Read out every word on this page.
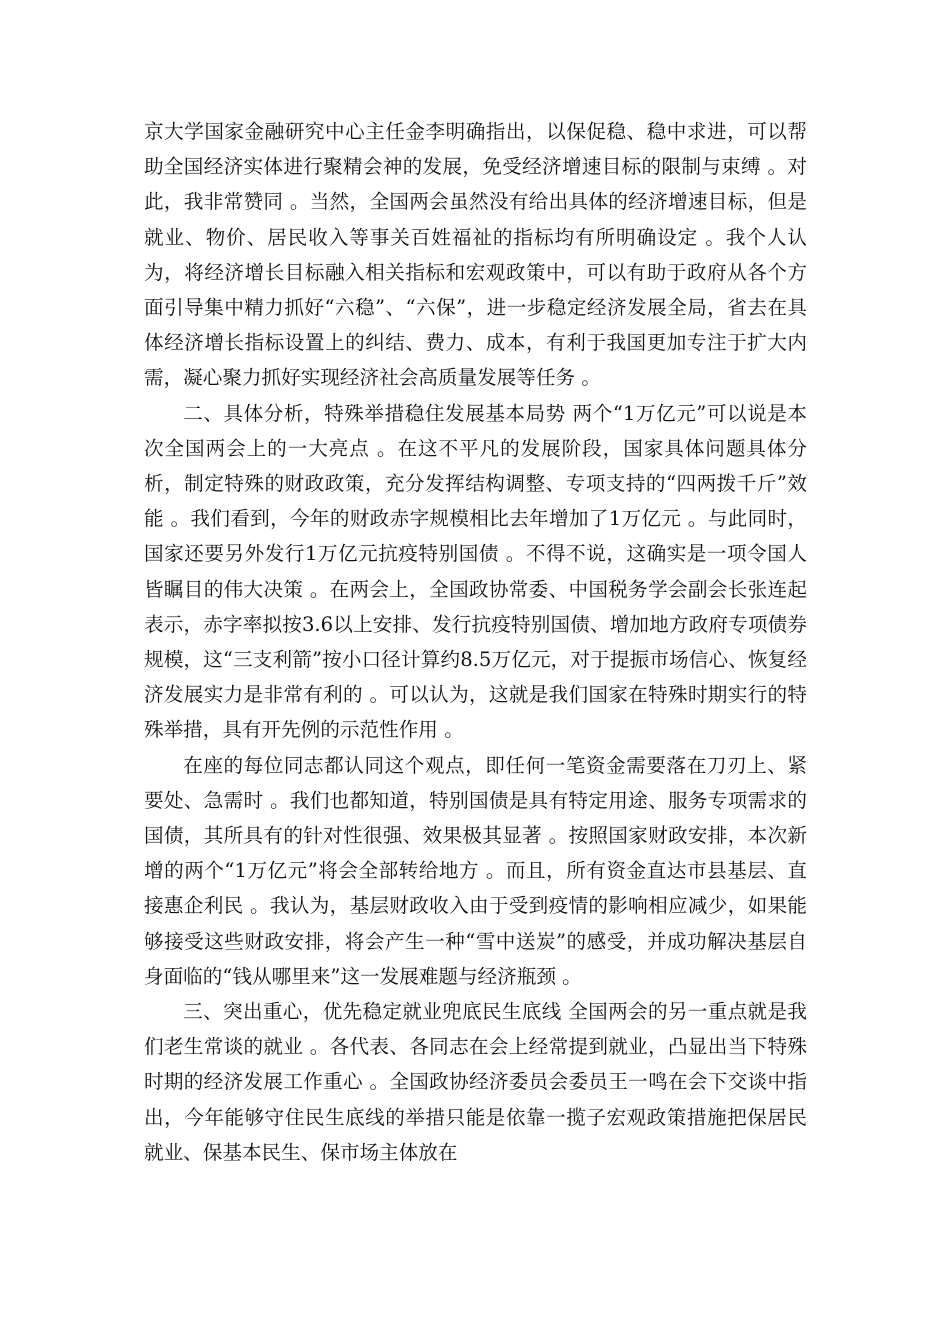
京大学国家金融研究中心主任金李明确指出，以保促稳、稳中求进，可以帮助全国经济实体进行聚精会神的发展，免受经济增速目标的限制与束缚 。对此，我非常赞同 。当然，全国两会虽然没有给出具体的经济增速目标，但是就业、物价、居民收入等事关百姓福祉的指标均有所明确设定 。我个人认为，将经济增长目标融入相关指标和宏观政策中，可以有助于政府从各个方面引导集中精力抓好“六稳”、“六保”，进一步稳定经济发展全局，省去在具体经济增长指标设置上的纠结、费力、成本，有利于我国更加专注于扩大内需，凝心聚力抓好实现经济社会高质量发展等任务 。

二、具体分析，特殊举措稳住发展基本局势 两个“1万亿元”可以说是本次全国两会上的一大亮点 。在这不平凡的发展阶段，国家具体问题具体分析，制定特殊的财政政策，充分发挥结构调整、专项支持的“四两拨千斤”效能 。我们看到，今年的财政赤字规模相比去年增加了1万亿元 。与此同时，国家还要另外发行1万亿元抗疫特别国债 。不得不说，这确实是一项令国人皆瞩目的伟大决策 。在两会上，全国政协常委、中国税务学会副会长张连起表示，赤字率拟按3.6以上安排、发行抗疫特别国债、增加地方政府专项债券规模，这“三支利箭”按小口径计算约8.5万亿元，对于提振市场信心、恢复经济发展实力是非常有利的 。可以认为，这就是我们国家在特殊时期实行的特殊举措，具有开先例的示范性作用 。

在座的每位同志都认同这个观点，即任何一笔资金需要落在刀刃上、紧要处、急需时 。我们也都知道，特别国债是具有特定用途、服务专项需求的国债，其所具有的针对性很强、效果极其显著 。按照国家财政安排，本次新增的两个“1万亿元”将会全部转给地方 。而且，所有资金直达市县基层、直接惠企利民 。我认为，基层财政收入由于受到疫情的影响相应减少，如果能够接受这些财政安排，将会产生一种“雪中送炭”的感受，并成功解决基层自身面临的“钱从哪里来”这一发展难题与经济瓶颈 。

三、突出重心，优先稳定就业兜底民生底线 全国两会的另一重点就是我们老生常谈的就业 。各代表、各同志在会上经常提到就业，凸显出当下特殊时期的经济发展工作重心 。全国政协经济委员会委员王一鸣在会下交谈中指出，今年能够守住民生底线的举措只能是依靠一揽子宏观政策措施把保居民就业、保基本民生、保市场主体放在
